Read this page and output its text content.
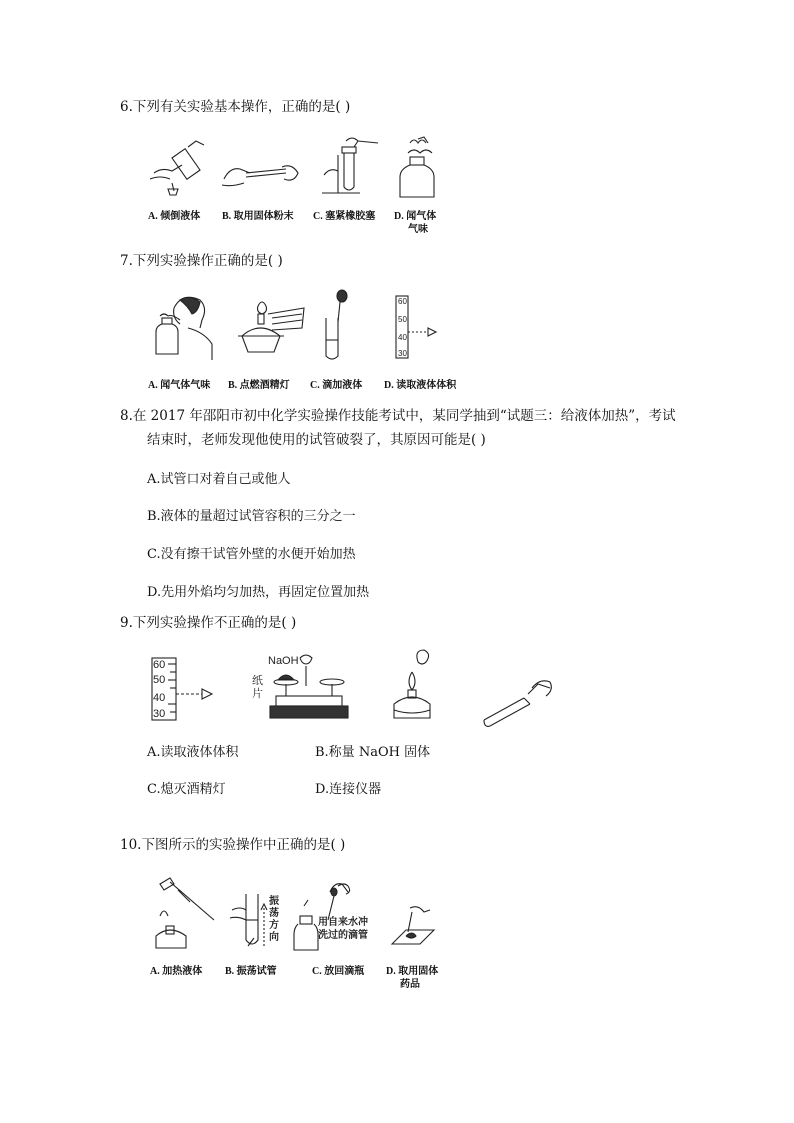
6.下列有关实验基本操作，正确的是( )
A. 倾倒液体 B. 取用固体粉末 C. 塞紧橡胶塞 D. 闻气体
气味
7.下列实验操作正确的是( )
60
50
40
30
A. 闻气体气味 B. 点燃酒精灯 C. 滴加液体 D. 读取液体体积
8.在 2017 年邵阳市初中化学实验操作技能考试中，某同学抽到“试题三：给液体加热”，考试
结束时，老师发现他使用的试管破裂了，其原因可能是( )
A.试管口对着自己或他人
B.液体的量超过试管容积的三分之一
C.没有擦干试管外壁的水便开始加热
D.先用外焰均匀加热，再固定位置加热
9.下列实验操作不正确的是( )
60
50
40
30
NaOH
纸
片
A.读取液体体积	B.称量 NaOH 固体
C.熄灭酒精灯	D.连接仪器
10.下图所示的实验操作中正确的是( )
振
荡
方
向
用自来水冲
洗过的滴管
A. 加热液体 B. 振荡试管	C. 放回滴瓶 D. 取用固体
药品
